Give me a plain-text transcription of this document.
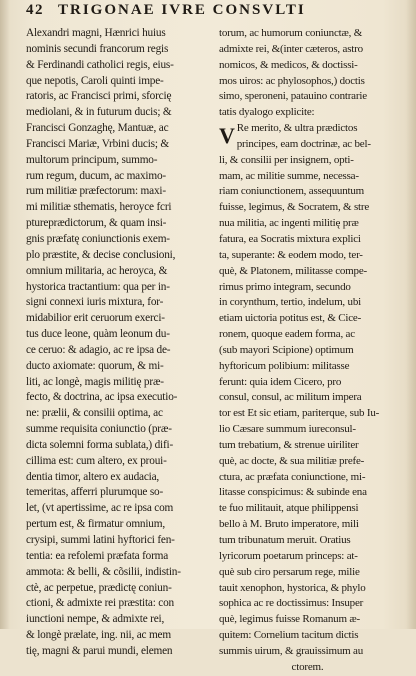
42 TRIGONAE IVRE CONSVLTI
Alexandri magni, Hænrici huius
nominis secundi francorum regis
& Ferdinandi catholici regis, eius-
que nepotis, Caroli quinti impe-
ratoris, ac Francisci primi, sforcię
mediolani, & in futurum ducis; &
Francisci Gonzaghę, Mantuæ, ac
Francisci Mariæ, Vrbini ducis; &
multorum principum, summo-
rum regum, ducum, ac maximo-
rum militiæ præfectorum: maxi-
mi militiæ sthematis, heroyce fcri
ptureprædictorum, & quam insi-
gnis præfatę coniunctionis exem-
plo præstite, & decise conclusioni,
omnium militaria, ac heroyca, &
hystorica tractantium: qua per in-
signi connexi iuris mixtura, for-
midabilior erit ceruorum exerci-
tus duce leone, quàm leonum du-
ce ceruo: & adagio, ac re ipsa de-
ducto axiomate: quorum, & mi-
liti, ac longè, magis militię præ-
fecto, & doctrina, ac ipsa executio-
ne: prælii, & consilii optima, ac
summe requisita coniunctio (præ-
dicta solemni forma sublata,) difi-
cillima est: cum altero, ex proui-
dentia timor, altero ex audacia,
temeritas, afferri plurumque so-
let, (vt apertissime, ac re ipsa com
pertum est, & firmatur omnium,
crysipi, summi latini hyftorici fen-
tentia: ea refolemi præfata forma
ammota: & belli, & cõsilii, indistin-
ctè, ac perpetue, prædictę coniun-
ctioni, & admixte rei præstita: con
iunctioni nempe, & admixte rei,
& longè prælate, ing. nii, ac mem
tię, magni & parui mundi, elemen
torum, ac humorum coniunctæ, &
admixte rei, &(inter cæteros, astro
nomicos, & medicos, & doctissi-
mos uiros: ac phylosophos,) doctis
simo, speroneni, patauino contrarie
tatis dyalogo explicite:
V Re merito, & ultra prædictos
principes, eam doctrinæ, ac bel-
li, & consilii per insignem, opti-
mam, ac militie summe, necessa-
riam coniunctionem, assequuntum
fuisse, legimus, & Socratem, & stre
nua militia, ac ingenti militię præ
fatura, ea Socratis mixtura explici
ta, superante: & eodem modo, ter-
què, & Platonem, militasse compe-
rimus primo integram, secundo
in corynthum, tertio, indelum, ubi
etiam uictoria potitus est, & Cice-
ronem, quoque eadem forma, ac
(sub mayori Scipione) optimum
hyftoricum polibium: militasse
ferunt: quia idem Cicero, pro
consul, consul, ac militum impera
tor est Et sic etiam, pariterque, sub Iu-
lio Cæsare summum iureconsul-
tum trebatium, & strenue uiriliter
què, ac docte, & sua militiæ prefe-
ctura, ac præfata coniunctione, mi-
litasse conspicimus: & subinde ena
te fuo militauit, atque philippensi
bello à M. Bruto imperatore, mili
tum tribunatum meruit. Oratius
lyricorum poetarum princeps: at-
què sub ciro persarum rege, milie
tauit xenophon, hystorica, & phylo
sophica ac re doctissimus: Insuper
què, legimus fuisse Romanum æ-
quitem: Cornelium tacitum dictis
summis uirum, & grauissimum au
ctorem.
